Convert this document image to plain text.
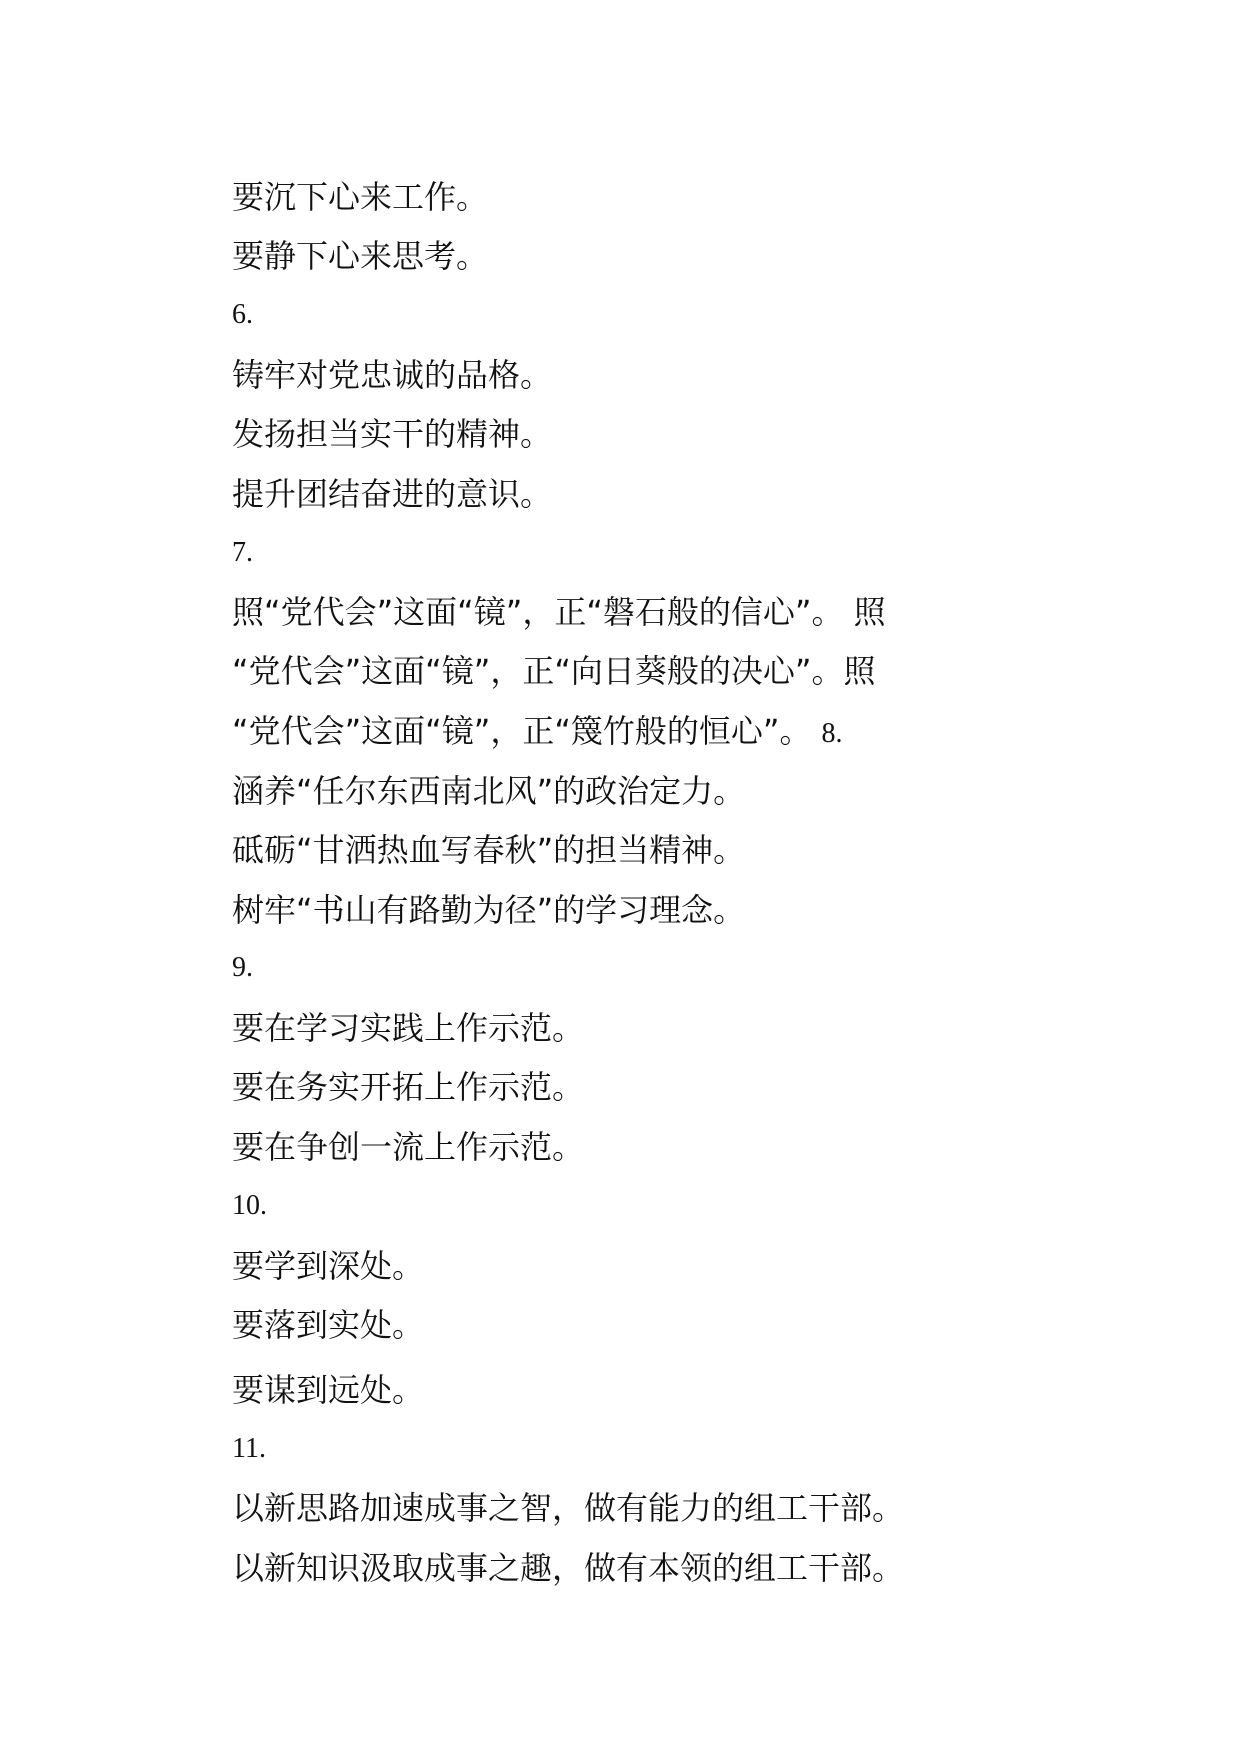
要沉下心来工作。
要静下心来思考。
6.
铸牢对党忠诚的品格。
发扬担当实干的精神。
提升团结奋进的意识。
7.
照“党代会”这面“镜”，正“磐石般的信心”。 照
“党代会”这面“镜”，正“向日葵般的决心”。照
“党代会”这面“镜”，正“篾竹般的恒心”。 8.
涵养“任尔东西南北风”的政治定力。
砥砺“甘洒热血写春秋”的担当精神。
树牢“书山有路勤为径”的学习理念。
9.
要在学习实践上作示范。
要在务实开拓上作示范。
要在争创一流上作示范。
10.
要学到深处。
要落到实处。
要谋到远处。
11.
以新思路加速成事之智，做有能力的组工干部。
以新知识汲取成事之趣，做有本领的组工干部。
